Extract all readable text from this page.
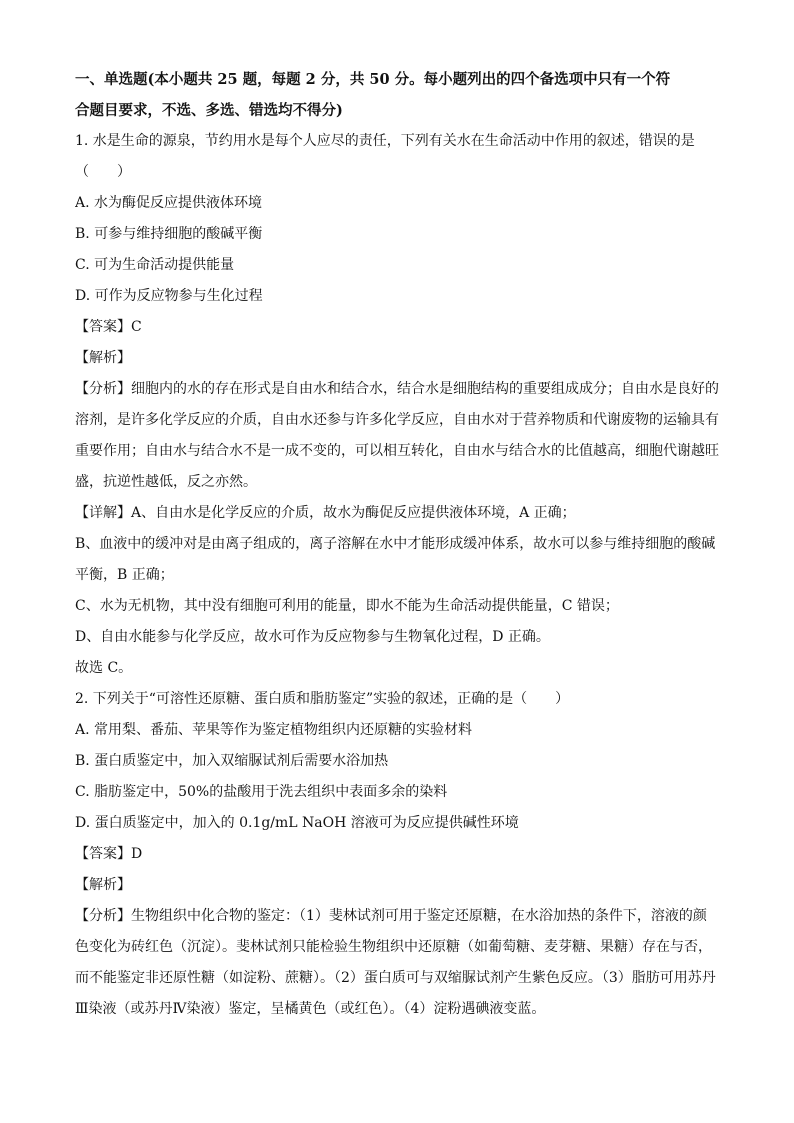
一、单选题(本小题共 25 题，每题 2 分，共 50 分。每小题列出的四个备选项中只有一个符
合题目要求，不选、多选、错选均不得分)
1. 水是生命的源泉，节约用水是每个人应尽的责任，下列有关水在生命活动中作用的叙述，错误的是
（　　）
A. 水为酶促反应提供液体环境
B. 可参与维持细胞的酸碱平衡
C. 可为生命活动提供能量
D. 可作为反应物参与生化过程
【答案】C
【解析】
【分析】细胞内的水的存在形式是自由水和结合水，结合水是细胞结构的重要组成成分；自由水是良好的
溶剂，是许多化学反应的介质，自由水还参与许多化学反应，自由水对于营养物质和代谢废物的运输具有
重要作用；自由水与结合水不是一成不变的，可以相互转化，自由水与结合水的比值越高，细胞代谢越旺
盛，抗逆性越低，反之亦然。
【详解】A、自由水是化学反应的介质，故水为酶促反应提供液体环境，A 正确；
B、血液中的缓冲对是由离子组成的，离子溶解在水中才能形成缓冲体系，故水可以参与维持细胞的酸碱
平衡，B 正确；
C、水为无机物，其中没有细胞可利用的能量，即水不能为生命活动提供能量，C 错误；
D、自由水能参与化学反应，故水可作为反应物参与生物氧化过程，D 正确。
故选 C。
2. 下列关于“可溶性还原糖、蛋白质和脂肪鉴定”实验的叙述，正确的是（　　）
A. 常用梨、番茄、苹果等作为鉴定植物组织内还原糖的实验材料
B. 蛋白质鉴定中，加入双缩脲试剂后需要水浴加热
C. 脂肪鉴定中，50%的盐酸用于洗去组织中表面多余的染料
D. 蛋白质鉴定中，加入的 0.1g/mL NaOH 溶液可为反应提供碱性环境
【答案】D
【解析】
【分析】生物组织中化合物的鉴定：（1）斐林试剂可用于鉴定还原糖，在水浴加热的条件下，溶液的颜
色变化为砖红色（沉淀）。斐林试剂只能检验生物组织中还原糖（如葡萄糖、麦芽糖、果糖）存在与否，
而不能鉴定非还原性糖（如淀粉、蔗糖）。（2）蛋白质可与双缩脲试剂产生紫色反应。（3）脂肪可用苏丹
Ⅲ染液（或苏丹Ⅳ染液）鉴定，呈橘黄色（或红色）。（4）淀粉遇碘液变蓝。
